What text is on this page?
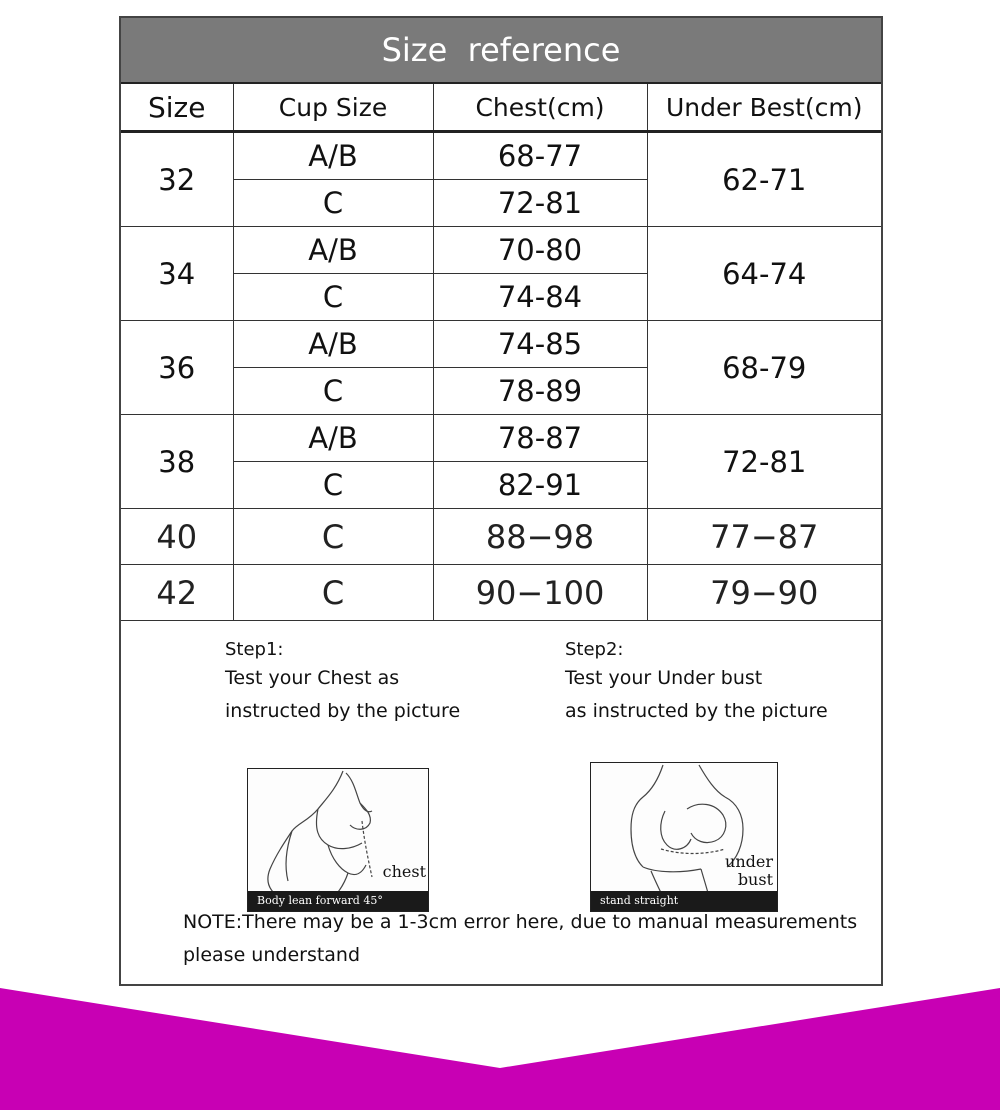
Size  reference
Size	Cup Size	Chest(cm)	Under Best(cm)
32	A/B	68-77	62-71
	C	72-81	
34	A/B	70-80	64-74
	C	74-84	
36	A/B	74-85	68-79
	C	78-89	
38	A/B	78-87	72-81
	C	82-91	
40	C	88−98	77−87
42	C	90−100	79−90
Step1:
Test your Chest as
instructed by the picture
Step2:
Test your Under bust
as instructed by the picture
chest
Body lean forward 45°
under
bust
stand straight
NOTE:There may be a 1-3cm error here, due to manual measurements
please understand
